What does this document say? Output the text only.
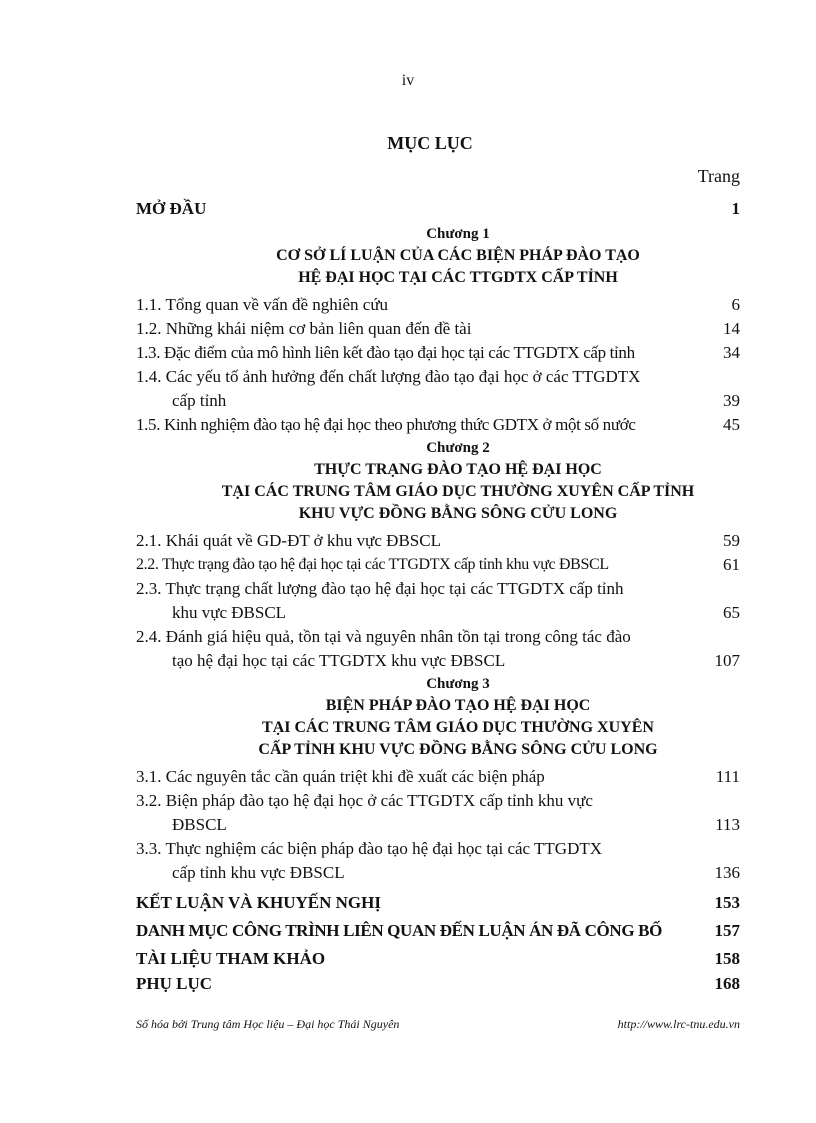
iv
MỤC LỤC
Trang
MỞ ĐẦU	1
Chương 1
CƠ SỞ LÍ LUẬN CỦA CÁC BIỆN PHÁP ĐÀO TẠO
HỆ ĐẠI HỌC TẠI CÁC TTGDTX CẤP TỈNH
1.1. Tổng quan về vấn đề nghiên cứu	6
1.2. Những khái niệm cơ bản liên quan đến đề tài	14
1.3. Đặc điểm của mô hình liên kết đào tạo đại học tại các TTGDTX cấp tỉnh	34
1.4. Các yếu tố ảnh hưởng đến chất lượng đào tạo đại học ở các TTGDTX
cấp tỉnh	39
1.5. Kinh nghiệm đào tạo hệ đại học theo phương thức GDTX ở một số nước	45
Chương 2
THỰC TRẠNG ĐÀO TẠO HỆ ĐẠI HỌC
TẠI CÁC TRUNG TÂM GIÁO DỤC THƯỜNG XUYÊN CẤP TỈNH
KHU VỰC ĐỒNG BẰNG SÔNG CỬU LONG
2.1. Khái quát về GD-ĐT ở khu vực ĐBSCL	59
2.2. Thực trạng đào tạo hệ đại học tại các TTGDTX cấp tỉnh khu vực ĐBSCL	61
2.3. Thực trạng chất lượng đào tạo hệ đại học tại các TTGDTX cấp tỉnh
khu vực ĐBSCL	65
2.4. Đánh giá hiệu quả, tồn tại và nguyên nhân tồn tại trong công tác đào
tạo hệ đại học tại các TTGDTX khu vực ĐBSCL	107
Chương 3
BIỆN PHÁP ĐÀO TẠO HỆ ĐẠI HỌC
TẠI CÁC TRUNG TÂM GIÁO DỤC THƯỜNG XUYÊN
CẤP TỈNH KHU VỰC ĐỒNG BẰNG SÔNG CỬU LONG
3.1. Các nguyên tắc cần quán triệt khi đề xuất các biện pháp	111
3.2. Biện pháp đào tạo hệ đại học ở các TTGDTX cấp tỉnh khu vực
ĐBSCL	113
3.3. Thực nghiệm các biện pháp đào tạo hệ đại học tại các TTGDTX
cấp tỉnh khu vực ĐBSCL	136
KẾT LUẬN VÀ KHUYẾN NGHỊ	153
DANH MỤC CÔNG TRÌNH LIÊN QUAN ĐẾN LUẬN ÁN ĐÃ CÔNG BỐ	157
TÀI LIỆU THAM KHẢO	158
PHỤ LỤC	168
Số hóa bởi Trung tâm Học liệu – Đại học Thái Nguyên	http://www.lrc-tnu.edu.vn
